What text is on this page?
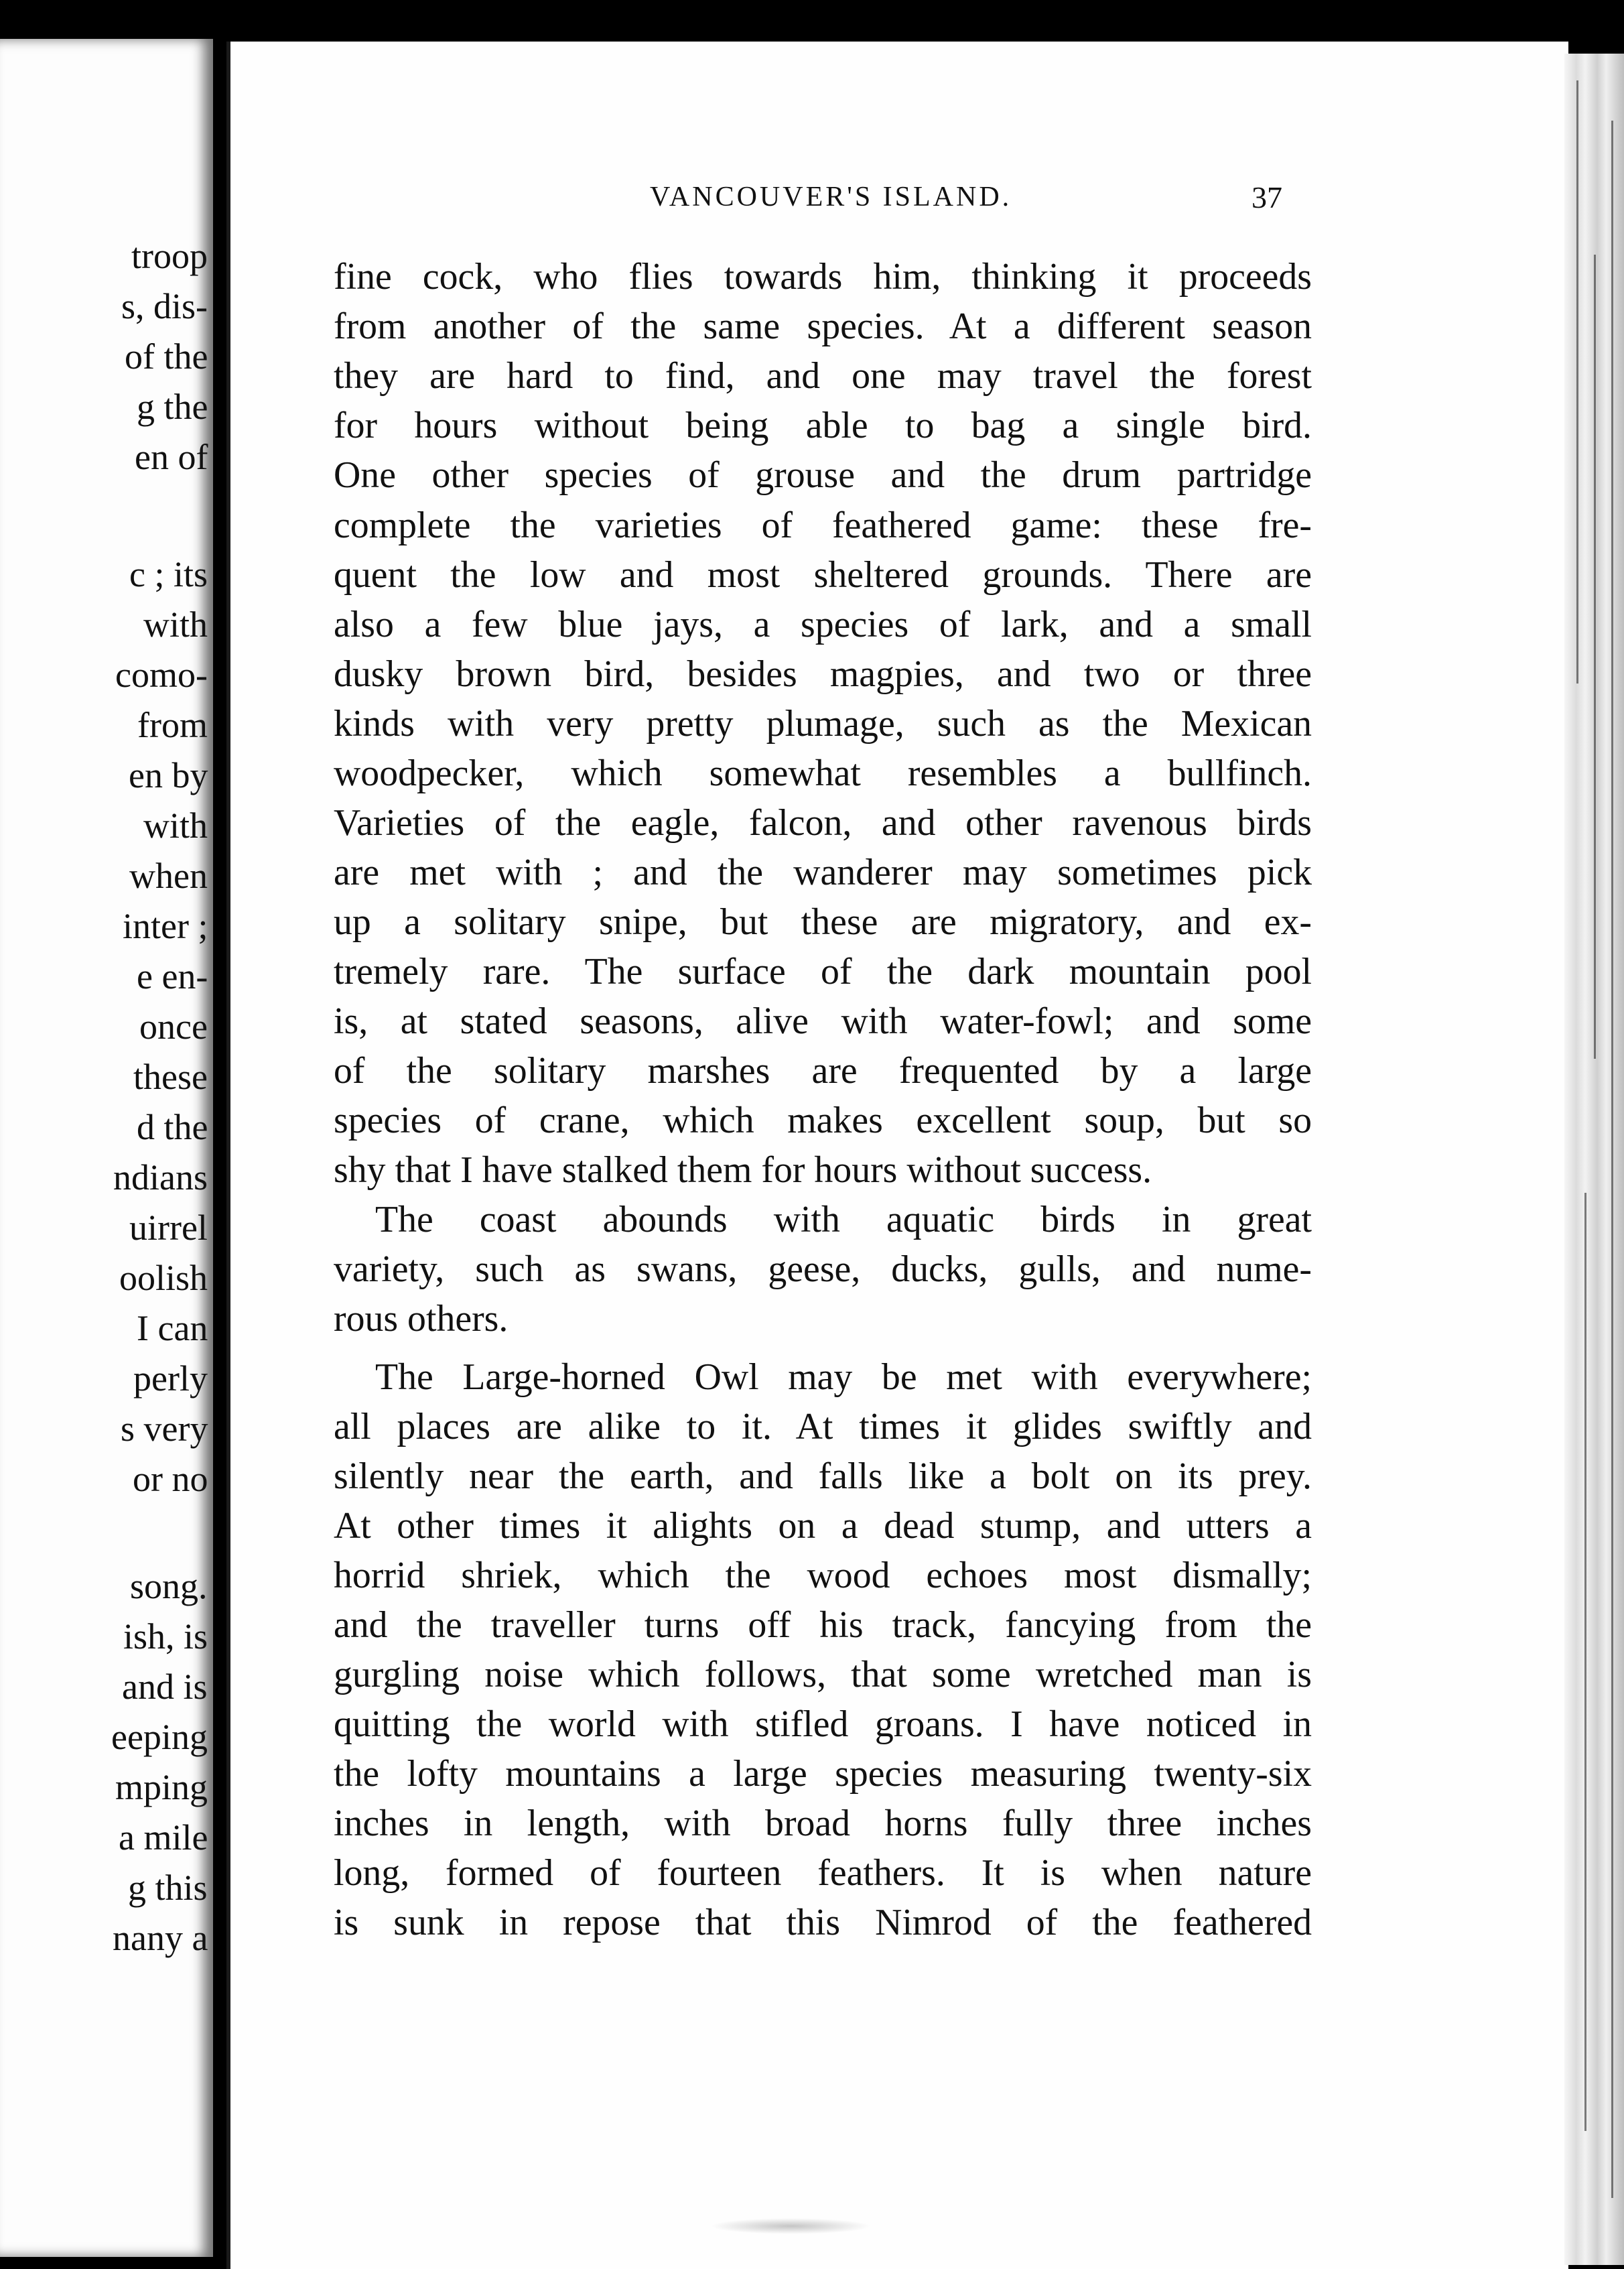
troop
s, dis-
of the
g the
en of
c ; its
with
como-
from
en by
with
when
inter ;
e en-
once
these
d the
ndians
uirrel
oolish
I can
perly
s very
or no
song.
ish, is
and is
eeping
mping
a mile
g this
nany a
VANCOUVER'S ISLAND.	37
fine cock, who flies towards him, thinking it proceeds
from another of the same species. At a different season
they are hard to find, and one may travel the forest
for hours without being able to bag a single bird.
One other species of grouse and the drum partridge
complete the varieties of feathered game: these fre-
quent the low and most sheltered grounds. There are
also a few blue jays, a species of lark, and a small
dusky brown bird, besides magpies, and two or three
kinds with very pretty plumage, such as the Mexican
woodpecker, which somewhat resembles a bullfinch.
Varieties of the eagle, falcon, and other ravenous birds
are met with ; and the wanderer may sometimes pick
up a solitary snipe, but these are migratory, and ex-
tremely rare. The surface of the dark mountain pool
is, at stated seasons, alive with water-fowl; and some
of the solitary marshes are frequented by a large
species of crane, which makes excellent soup, but so
shy that I have stalked them for hours without success.
The coast abounds with aquatic birds in great
variety, such as swans, geese, ducks, gulls, and nume-
rous others.
The Large-horned Owl may be met with everywhere;
all places are alike to it. At times it glides swiftly and
silently near the earth, and falls like a bolt on its prey.
At other times it alights on a dead stump, and utters a
horrid shriek, which the wood echoes most dismally;
and the traveller turns off his track, fancying from the
gurgling noise which follows, that some wretched man is
quitting the world with stifled groans. I have noticed in
the lofty mountains a large species measuring twenty-six
inches in length, with broad horns fully three inches
long, formed of fourteen feathers. It is when nature
is sunk in repose that this Nimrod of the feathered
